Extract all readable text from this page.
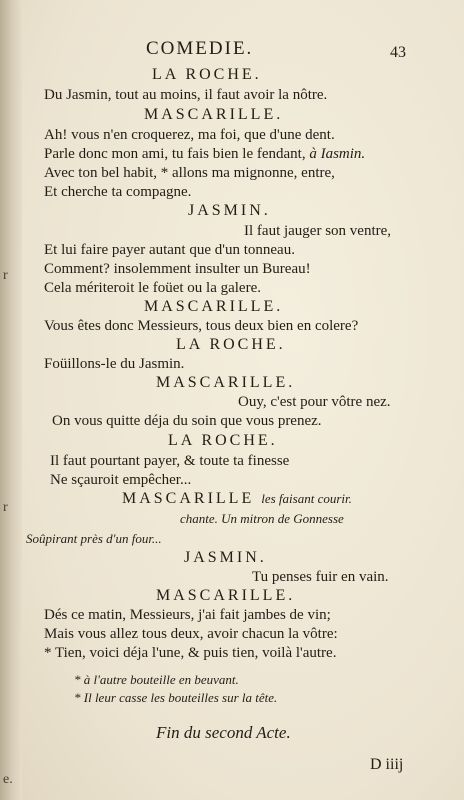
r
r
e.
COMEDIE.	43
LA ROCHE.
Du Jasmin, tout au moins, il faut avoir la nôtre.
MASCARILLE.
Ah! vous n'en croquerez, ma foi, que d'une dent.
Parle donc mon ami, tu fais bien le fendant, à Iasmin.
Avec ton bel habit, * allons ma mignonne, entre,
Et cherche ta compagne.
JASMIN.
Il faut jauger son ventre,
Et lui faire payer autant que d'un tonneau.
Comment? insolemment insulter un Bureau!
Cela mériteroit le foüet ou la galere.
MASCARILLE.
Vous êtes donc Messieurs, tous deux bien en colere?
LA ROCHE.
Foüillons-le du Jasmin.
MASCARILLE.
Ouy, c'est pour vôtre nez.
On vous quitte déja du soin que vous prenez.
LA ROCHE.
Il faut pourtant payer, & toute ta finesse
Ne sçauroit empêcher...
MASCARILLE les faisant courir.
chante. Un mitron de Gonnesse
Soûpirant près d'un four...
JASMIN.
Tu penses fuir en vain.
MASCARILLE.
Dés ce matin, Messieurs, j'ai fait jambes de vin;
Mais vous allez tous deux, avoir chacun la vôtre:
* Tien, voici déja l'une, & puis tien, voilà l'autre.
* à l'autre bouteille en beuvant.
* Il leur casse les bouteilles sur la tête.
Fin du second Acte.
D iiij
